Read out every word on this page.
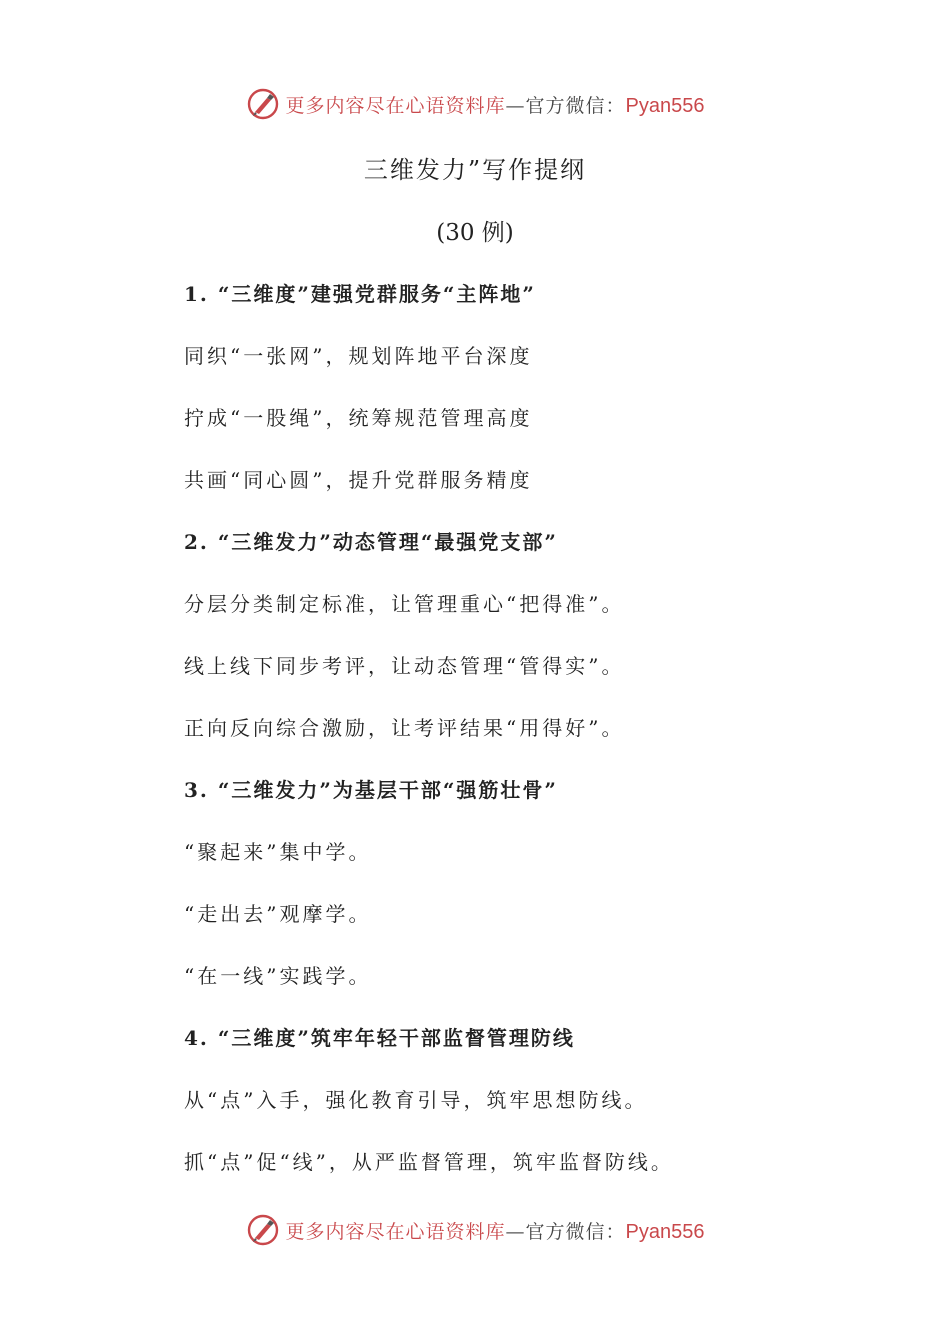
更多内容尽在心语资料库—官方微信：Pyan556
三维发力”写作提纲
(30 例)
1. “三维度”建强党群服务“主阵地”
同织“一张网”，规划阵地平台深度
拧成“一股绳”，统筹规范管理高度
共画“同心圆”，提升党群服务精度
2. “三维发力”动态管理“最强党支部”
分层分类制定标准，让管理重心“把得准”。
线上线下同步考评，让动态管理“管得实”。
正向反向综合激励，让考评结果“用得好”。
3. “三维发力”为基层干部“强筋壮骨”
“聚起来”集中学。
“走出去”观摩学。
“在一线”实践学。
4. “三维度”筑牢年轻干部监督管理防线
从“点”入手，强化教育引导，筑牢思想防线。
抓“点”促“线”，从严监督管理，筑牢监督防线。
更多内容尽在心语资料库—官方微信：Pyan556
